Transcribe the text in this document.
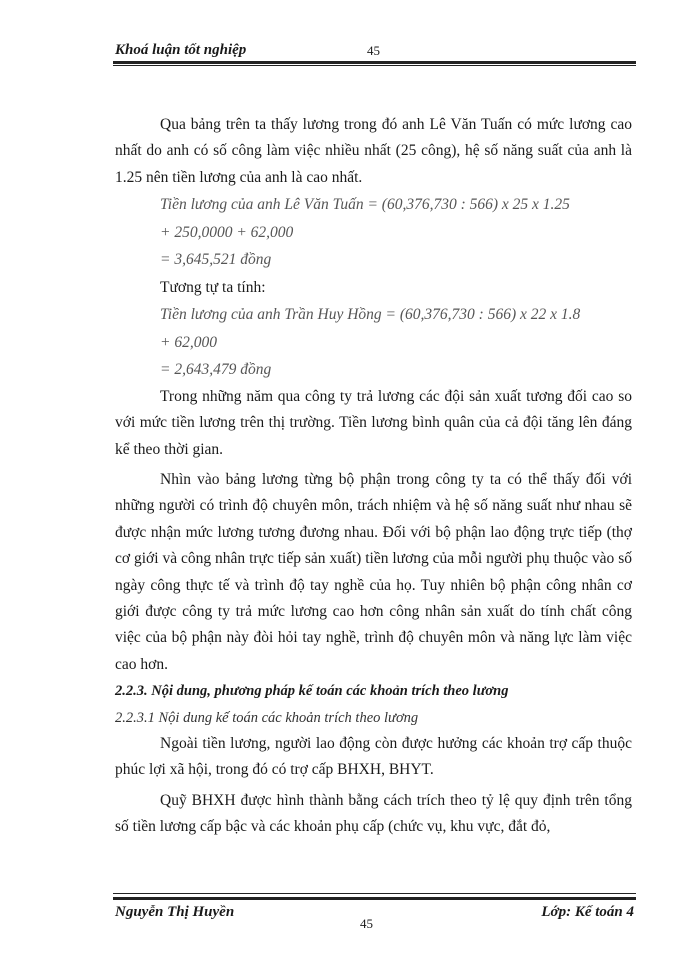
Khoá luận tốt nghiệp	45

Qua bảng trên ta thấy lương trong đó anh Lê Văn Tuấn có mức lương cao nhất do anh có số công làm việc nhiều nhất (25 công), hệ số năng suất của anh là 1.25 nên tiền lương của anh là cao nhất.

Tiền lương của anh Lê Văn Tuấn = (60,376,730 : 566) x 25 x 1.25
+ 250,0000 + 62,000
= 3,645,521 đồng
Tương tự ta tính:
Tiền lương của anh Trần Huy Hồng = (60,376,730 : 566) x 22 x 1.8
+ 62,000
= 2,643,479 đồng

Trong những năm qua công ty trả lương các đội sản xuất tương đối cao so với mức tiền lương trên thị trường. Tiền lương bình quân của cả đội tăng lên đáng kể theo thời gian.

Nhìn vào bảng lương từng bộ phận trong công ty ta có thể thấy đối với những người có trình độ chuyên môn, trách nhiệm và hệ số năng suất như nhau sẽ được nhận mức lương tương đương nhau. Đối với bộ phận lao động trực tiếp (thợ cơ giới và công nhân trực tiếp sản xuất) tiền lương của mỗi người phụ thuộc vào số ngày công thực tế và trình độ tay nghề của họ. Tuy nhiên bộ phận công nhân cơ giới được công ty trả mức lương cao hơn công nhân sản xuất do tính chất công việc của bộ phận này đòi hỏi tay nghề, trình độ chuyên môn và năng lực làm việc cao hơn.

2.2.3. Nội dung, phương pháp kế toán các khoản trích theo lương
2.2.3.1 Nội dung kế toán các khoản trích theo lương

Ngoài tiền lương, người lao động còn được hưởng các khoản trợ cấp thuộc phúc lợi xã hội, trong đó có trợ cấp BHXH, BHYT.

Quỹ BHXH được hình thành bằng cách trích theo tỷ lệ quy định trên tổng số tiền lương cấp bậc và các khoản phụ cấp (chức vụ, khu vực, đắt đỏ,

Nguyễn Thị Huyền	Lớp: Kế toán 4
45
